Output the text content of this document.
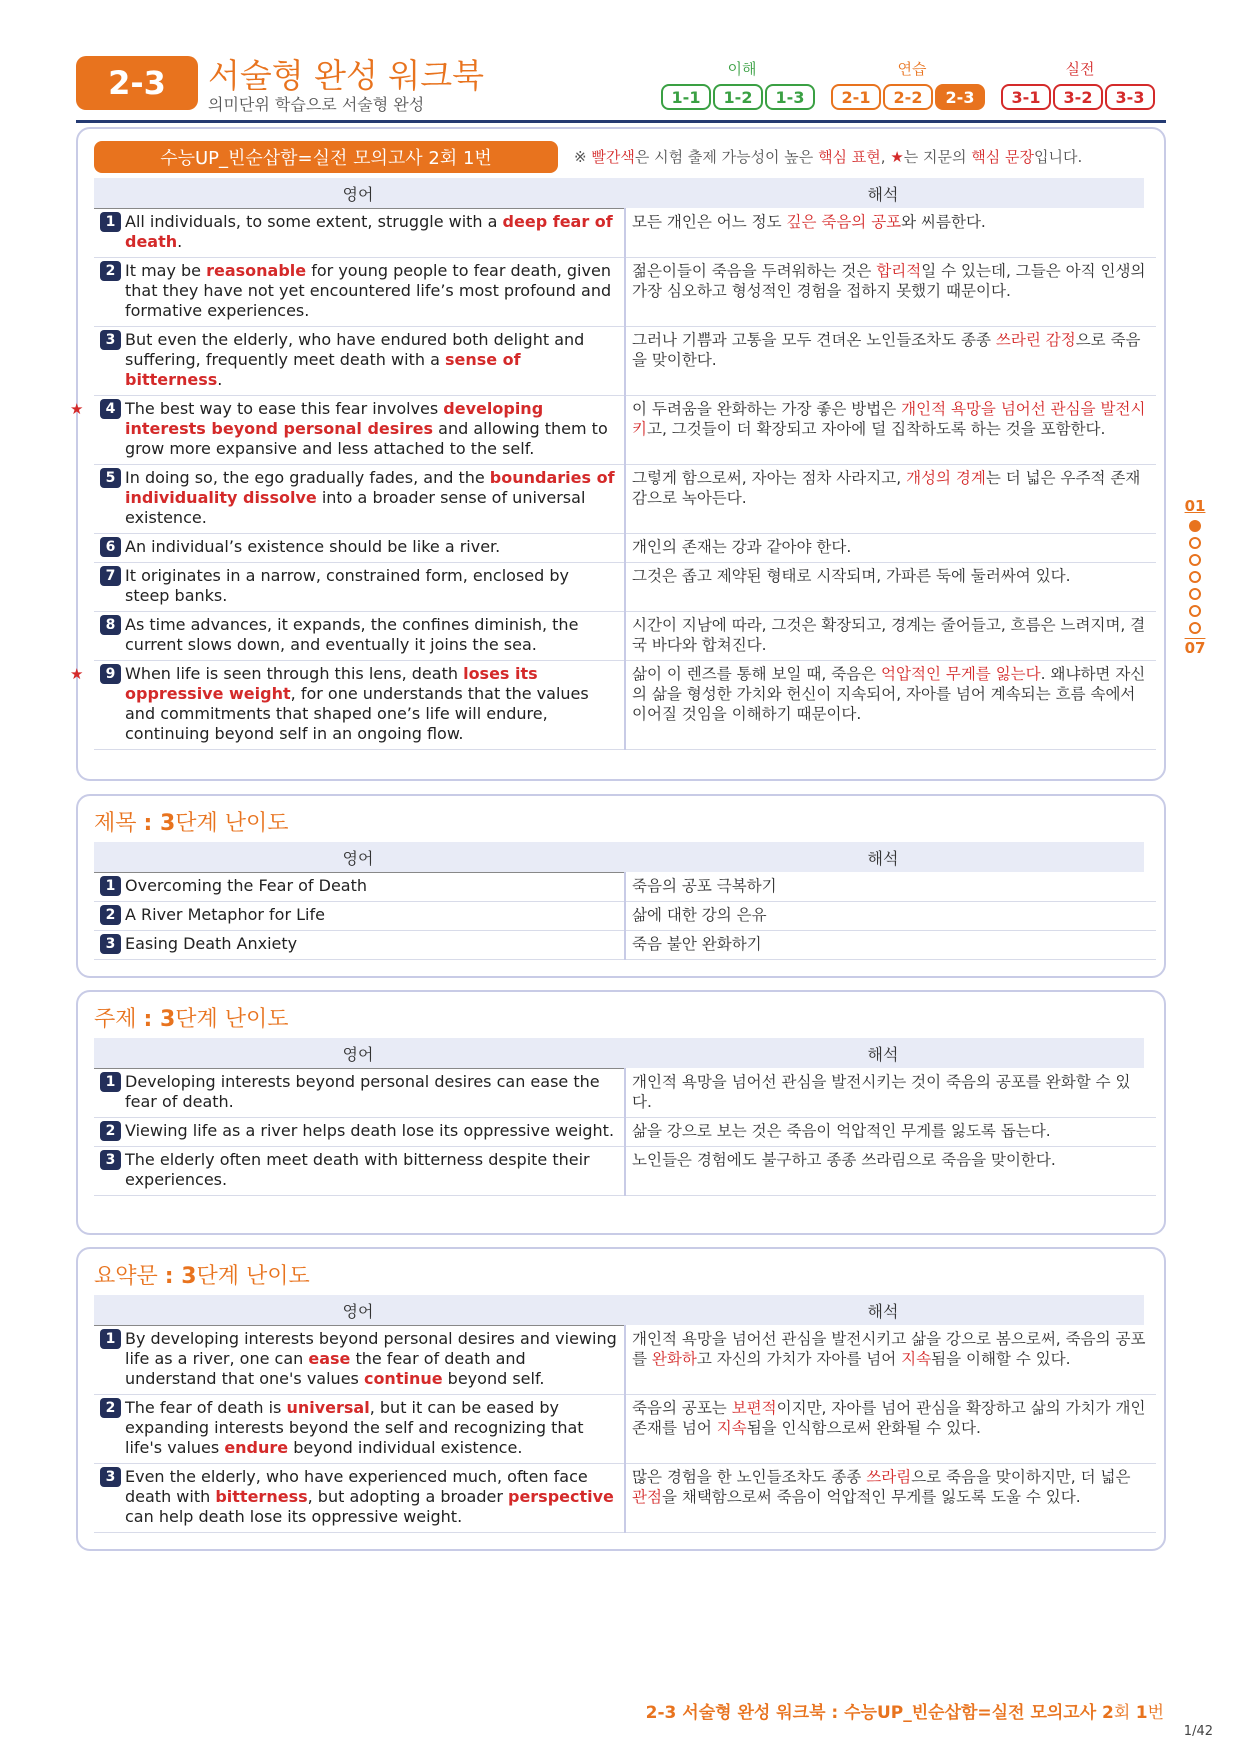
2-3	서술형 완성 워크북
의미단위 학습으로 서술형 완성
이해	연습	실전
1-1	1-2	1-3	2-1	2-2	2-3	3-1	3-2	3-3
수능UP_빈순삽함=실전 모의고사 2회 1번	※ 빨간색은 시험 출제 가능성이 높은 핵심 표현, ★는 지문의 핵심 문장입니다.
영어	해석
1 All individuals, to some extent, struggle with a deep fear of death.	모든 개인은 어느 정도 깊은 죽음의 공포와 씨름한다.

2 It may be reasonable for young people to fear death, given that they have not yet encountered life’s most profound and formative experiences.	젊은이들이 죽음을 두려워하는 것은 합리적일 수 있는데, 그들은 아직 인생의 가장 심오하고 형성적인 경험을 접하지 못했기 때문이다.

3 But even the elderly, who have endured both delight and suffering, frequently meet death with a sense of bitterness.	그러나 기쁨과 고통을 모두 견뎌온 노인들조차도 종종 쓰라린 감정으로 죽음을 맞이한다.

★ 4 The best way to ease this fear involves developing interests beyond personal desires and allowing them to grow more expansive and less attached to the self.	이 두려움을 완화하는 가장 좋은 방법은 개인적 욕망을 넘어선 관심을 발전시키고, 그것들이 더 확장되고 자아에 덜 집착하도록 하는 것을 포함한다.

5 In doing so, the ego gradually fades, and the boundaries of individuality dissolve into a broader sense of universal existence.	그렇게 함으로써, 자아는 점차 사라지고, 개성의 경계는 더 넓은 우주적 존재감으로 녹아든다.

6 An individual’s existence should be like a river.	개인의 존재는 강과 같아야 한다.

7 It originates in a narrow, constrained form, enclosed by steep banks.	그것은 좁고 제약된 형태로 시작되며, 가파른 둑에 둘러싸여 있다.

8 As time advances, it expands, the confines diminish, the current slows down, and eventually it joins the sea.	시간이 지남에 따라, 그것은 확장되고, 경계는 줄어들고, 흐름은 느려지며, 결국 바다와 합쳐진다.

★ 9 When life is seen through this lens, death loses its oppressive weight, for one understands that the values and commitments that shaped one’s life will endure, continuing beyond self in an ongoing flow.	삶이 이 렌즈를 통해 보일 때, 죽음은 억압적인 무게를 잃는다. 왜냐하면 자신의 삶을 형성한 가치와 헌신이 지속되어, 자아를 넘어 계속되는 흐름 속에서 이어질 것임을 이해하기 때문이다.
제목 : 3단계 난이도
영어	해석
1 Overcoming the Fear of Death	죽음의 공포 극복하기

2 A River Metaphor for Life	삶에 대한 강의 은유

3 Easing Death Anxiety	죽음 불안 완화하기
주제 : 3단계 난이도
영어	해석
1 Developing interests beyond personal desires can ease the fear of death.	개인적 욕망을 넘어선 관심을 발전시키는 것이 죽음의 공포를 완화할 수 있다.

2 Viewing life as a river helps death lose its oppressive weight.	삶을 강으로 보는 것은 죽음이 억압적인 무게를 잃도록 돕는다.

3 The elderly often meet death with bitterness despite their experiences.	노인들은 경험에도 불구하고 종종 쓰라림으로 죽음을 맞이한다.
요약문 : 3단계 난이도
영어	해석
1 By developing interests beyond personal desires and viewing life as a river, one can ease the fear of death and understand that one's values continue beyond self.	개인적 욕망을 넘어선 관심을 발전시키고 삶을 강으로 봄으로써, 죽음의 공포를 완화하고 자신의 가치가 자아를 넘어 지속됨을 이해할 수 있다.

2 The fear of death is universal, but it can be eased by expanding interests beyond the self and recognizing that life's values endure beyond individual existence.	죽음의 공포는 보편적이지만, 자아를 넘어 관심을 확장하고 삶의 가치가 개인 존재를 넘어 지속됨을 인식함으로써 완화될 수 있다.

3 Even the elderly, who have experienced much, often face death with bitterness, but adopting a broader perspective can help death lose its oppressive weight.	많은 경험을 한 노인들조차도 종종 쓰라림으로 죽음을 맞이하지만, 더 넓은 관점을 채택함으로써 죽음이 억압적인 무게를 잃도록 도울 수 있다.
01
07
2-3 서술형 완성 워크북 : 수능UP_빈순삽함=실전 모의고사 2회 1번
1/42
